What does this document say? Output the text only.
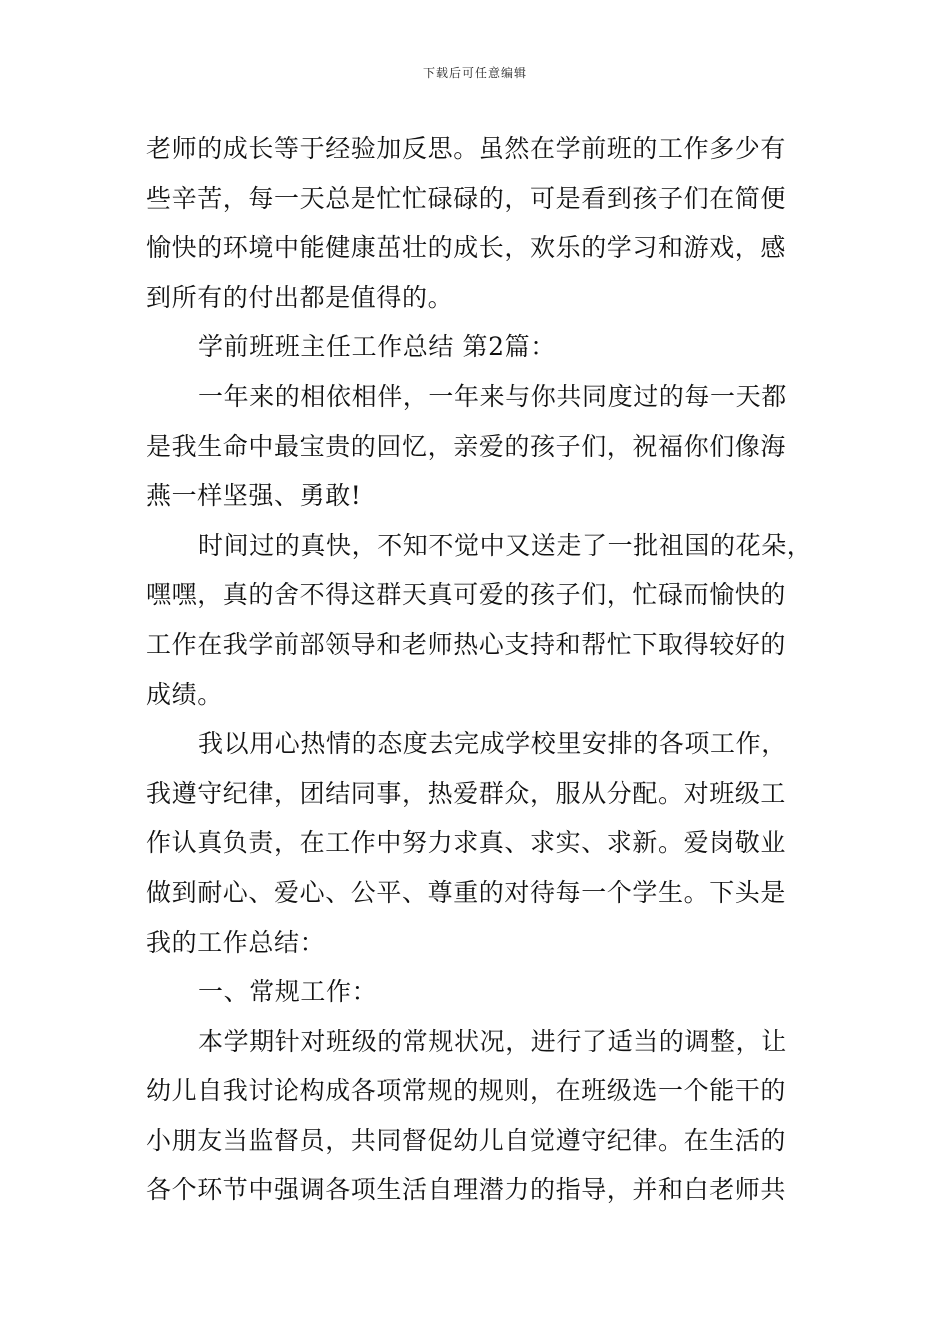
下载后可任意编辑
老师的成长等于经验加反思。虽然在学前班的工作多少有
些辛苦，每一天总是忙忙碌碌的，可是看到孩子们在简便
愉快的环境中能健康茁壮的成长，欢乐的学习和游戏，感
到所有的付出都是值得的。
学前班班主任工作总结 第2篇：
一年来的相依相伴，一年来与你共同度过的每一天都
是我生命中最宝贵的回忆，亲爱的孩子们，祝福你们像海
燕一样坚强、勇敢!
时间过的真快，不知不觉中又送走了一批祖国的花朵，
嘿嘿，真的舍不得这群天真可爱的孩子们，忙碌而愉快的
工作在我学前部领导和老师热心支持和帮忙下取得较好的
成绩。
我以用心热情的态度去完成学校里安排的各项工作，
我遵守纪律，团结同事，热爱群众，服从分配。对班级工
作认真负责，在工作中努力求真、求实、求新。爱岗敬业
做到耐心、爱心、公平、尊重的对待每一个学生。下头是
我的工作总结：
一、常规工作：
本学期针对班级的常规状况，进行了适当的调整，让
幼儿自我讨论构成各项常规的规则，在班级选一个能干的
小朋友当监督员，共同督促幼儿自觉遵守纪律。在生活的
各个环节中强调各项生活自理潜力的指导，并和白老师共
